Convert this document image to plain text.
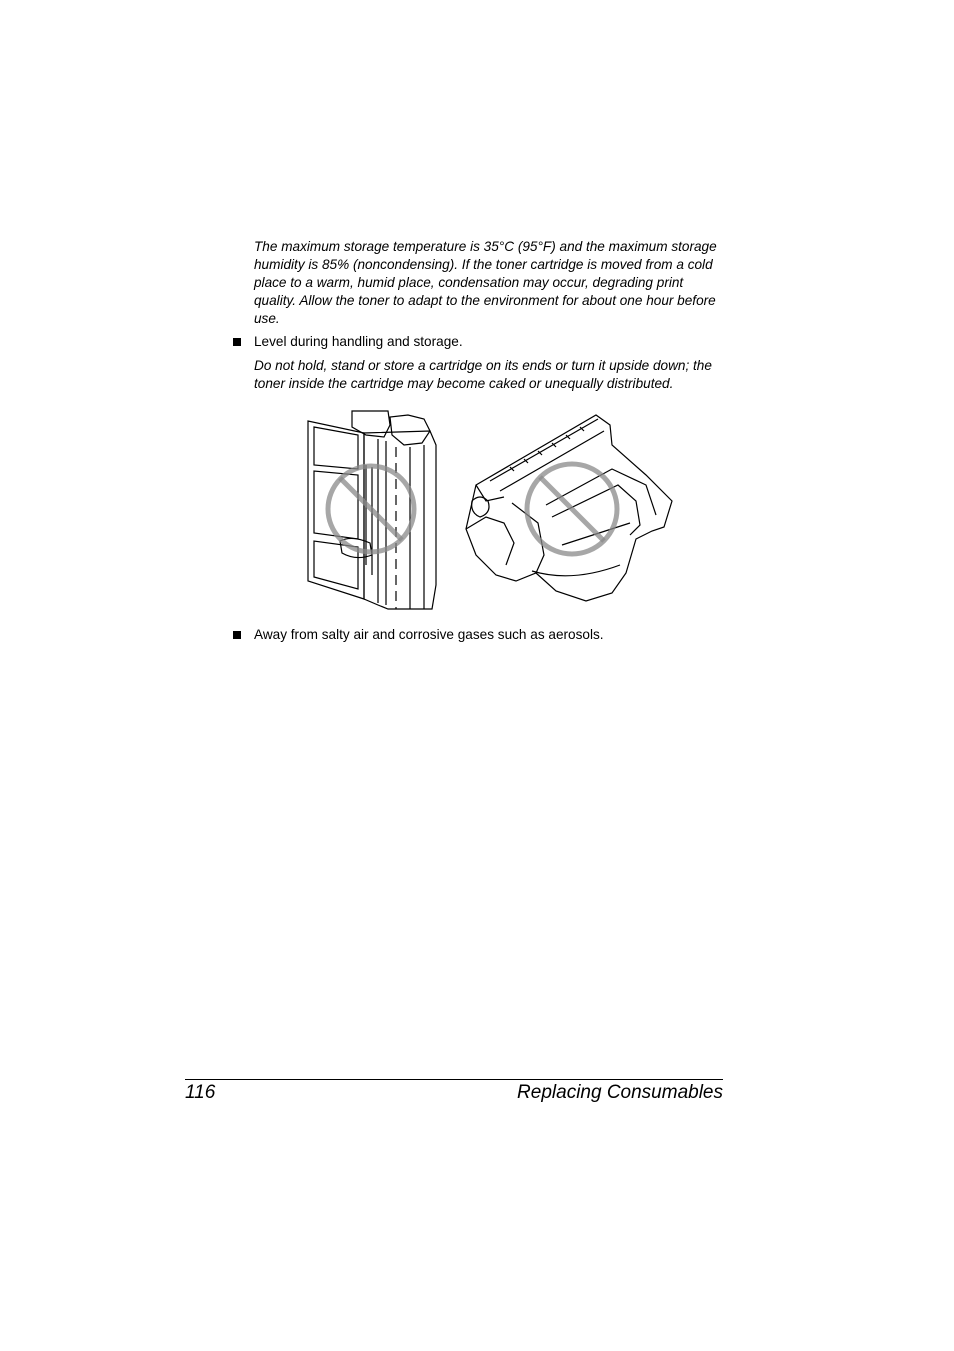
The maximum storage temperature is 35°C (95°F) and the maximum storage humidity is 85% (noncondensing). If the toner cartridge is moved from a cold place to a warm, humid place, condensation may occur, degrading print quality. Allow the toner to adapt to the environment for about one hour before use.

Level during handling and storage.

Do not hold, stand or store a cartridge on its ends or turn it upside down; the toner inside the cartridge may become caked or unequally distributed.

Away from salty air and corrosive gases such as aerosols.
116	Replacing Consumables
